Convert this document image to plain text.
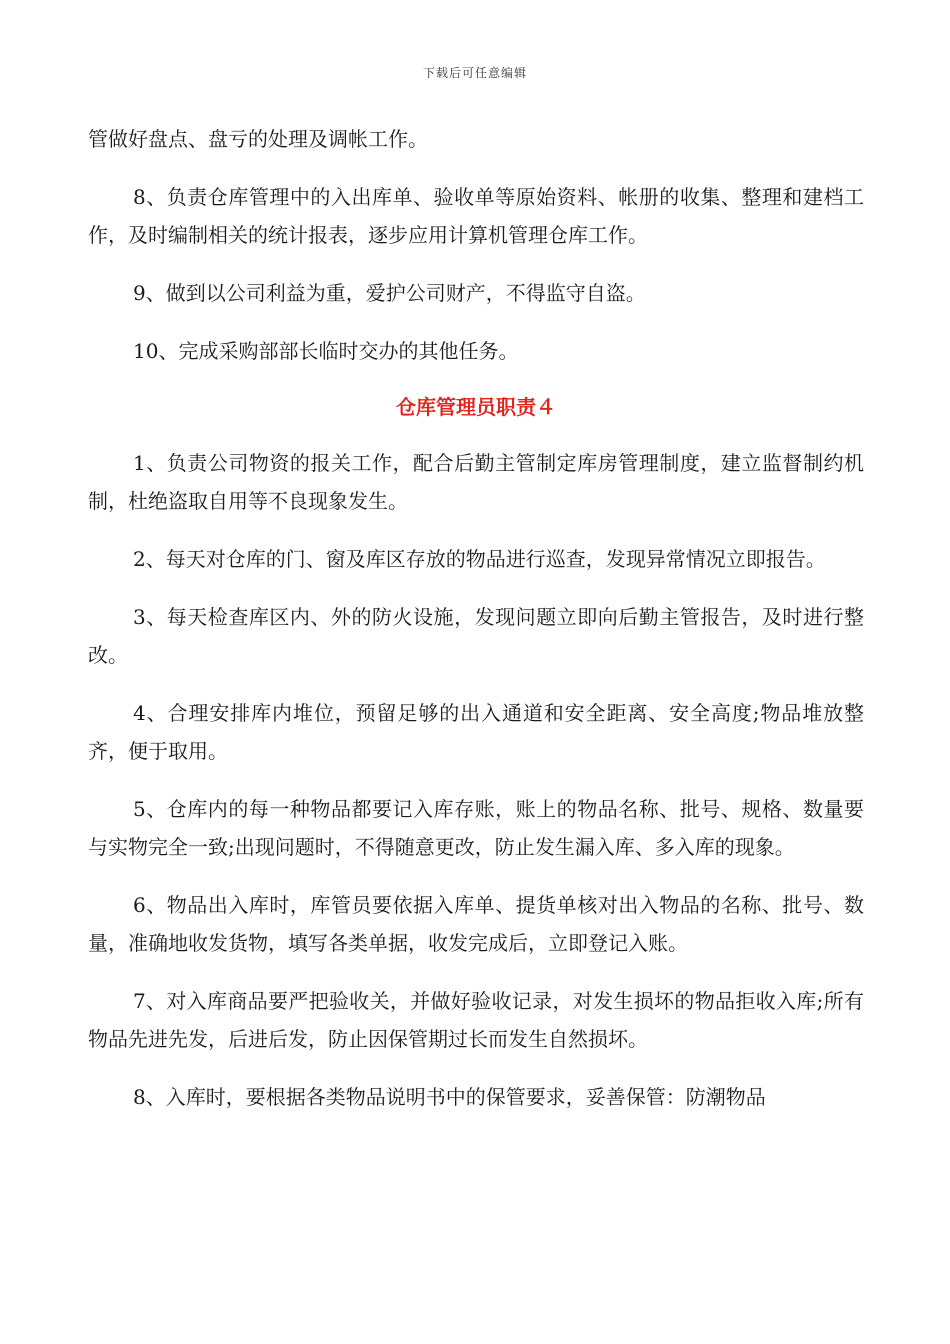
下载后可任意编辑

管做好盘点、盘亏的处理及调帐工作。

8、负责仓库管理中的入出库单、验收单等原始资料、帐册的收集、整理和建档工作，及时编制相关的统计报表，逐步应用计算机管理仓库工作。

9、做到以公司利益为重，爱护公司财产，不得监守自盗。

10、完成采购部部长临时交办的其他任务。

仓库管理员职责４

1、负责公司物资的报关工作，配合后勤主管制定库房管理制度，建立监督制约机制，杜绝盗取自用等不良现象发生。

2、每天对仓库的门、窗及库区存放的物品进行巡查，发现异常情况立即报告。

3、每天检查库区内、外的防火设施，发现问题立即向后勤主管报告，及时进行整改。

4、合理安排库内堆位，预留足够的出入通道和安全距离、安全高度;物品堆放整齐，便于取用。

5、仓库内的每一种物品都要记入库存账，账上的物品名称、批号、规格、数量要与实物完全一致;出现问题时，不得随意更改，防止发生漏入库、多入库的现象。

6、物品出入库时，库管员要依据入库单、提货单核对出入物品的名称、批号、数量，准确地收发货物，填写各类单据，收发完成后，立即登记入账。

7、对入库商品要严把验收关，并做好验收记录，对发生损坏的物品拒收入库;所有物品先进先发，后进后发，防止因保管期过长而发生自然损坏。

8、入库时，要根据各类物品说明书中的保管要求，妥善保管：防潮物品
